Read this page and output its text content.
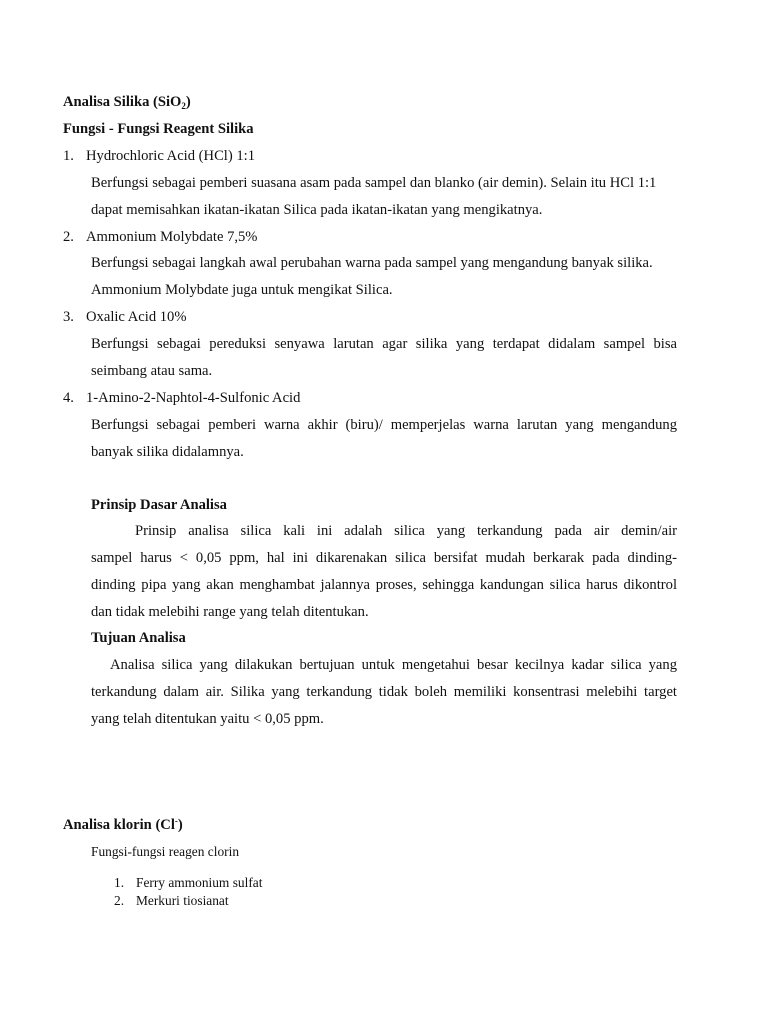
Analisa Silika (SiO$_2$)
Fungsi - Fungsi Reagent Silika
1. Hydrochloric Acid (HCl) 1:1
Berfungsi sebagai pemberi suasana asam pada sampel dan blanko (air demin). Selain itu HCl 1:1
dapat memisahkan ikatan-ikatan Silica pada ikatan-ikatan yang mengikatnya.
2. Ammonium Molybdate 7,5%
Berfungsi sebagai langkah awal perubahan warna pada sampel yang mengandung banyak silika.
Ammonium Molybdate juga untuk mengikat Silica.
3. Oxalic Acid 10%
Berfungsi sebagai pereduksi senyawa larutan agar silika yang terdapat didalam sampel bisa
seimbang atau sama.
4. 1-Amino-2-Naphtol-4-Sulfonic Acid
Berfungsi sebagai pemberi warna akhir (biru)/ memperjelas warna larutan yang mengandung
banyak silika didalamnya.
Prinsip Dasar Analisa
Prinsip analisa silica kali ini adalah silica yang terkandung pada air demin/air
sampel harus < 0,05 ppm, hal ini dikarenakan silica bersifat mudah berkarak pada dinding-
dinding pipa yang akan menghambat jalannya proses, sehingga kandungan silica harus dikontrol
dan tidak melebihi range yang telah ditentukan.
Tujuan Analisa
Analisa silica yang dilakukan bertujuan untuk mengetahui besar kecilnya kadar silica yang
terkandung dalam air. Silika yang terkandung tidak boleh memiliki konsentrasi melebihi target
yang telah ditentukan yaitu < 0,05 ppm.
Analisa klorin (Cl-)
Fungsi-fungsi reagen clorin
1. Ferry ammonium sulfat
2. Merkuri tiosianat
